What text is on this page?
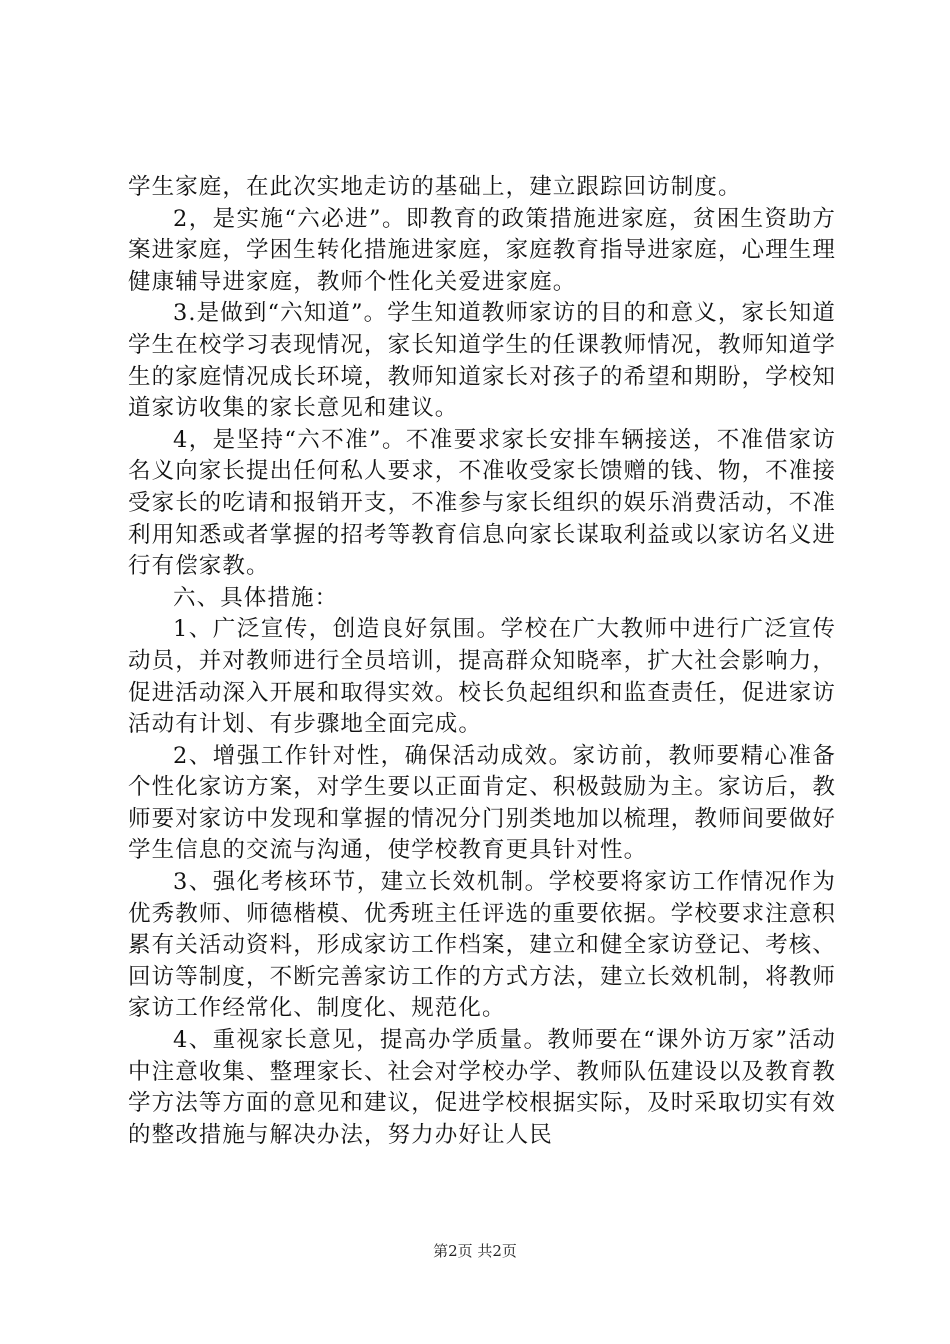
学生家庭，在此次实地走访的基础上，建立跟踪回访制度。

2，是实施“六必进”。即教育的政策措施进家庭，贫困生资助方案进家庭，学困生转化措施进家庭，家庭教育指导进家庭，心理生理健康辅导进家庭，教师个性化关爱进家庭。

3.是做到“六知道”。学生知道教师家访的目的和意义，家长知道学生在校学习表现情况，家长知道学生的任课教师情况，教师知道学生的家庭情况成长环境，教师知道家长对孩子的希望和期盼，学校知道家访收集的家长意见和建议。

4，是坚持“六不准”。不准要求家长安排车辆接送，不准借家访名义向家长提出任何私人要求，不准收受家长馈赠的钱、物，不准接受家长的吃请和报销开支，不准参与家长组织的娱乐消费活动，不准利用知悉或者掌握的招考等教育信息向家长谋取利益或以家访名义进行有偿家教。

六、具体措施：

1、广泛宣传，创造良好氛围。学校在广大教师中进行广泛宣传动员，并对教师进行全员培训，提高群众知晓率，扩大社会影响力，促进活动深入开展和取得实效。校长负起组织和监查责任，促进家访活动有计划、有步骤地全面完成。

2、增强工作针对性，确保活动成效。家访前，教师要精心准备个性化家访方案，对学生要以正面肯定、积极鼓励为主。家访后，教师要对家访中发现和掌握的情况分门别类地加以梳理，教师间要做好学生信息的交流与沟通，使学校教育更具针对性。

3、强化考核环节，建立长效机制。学校要将家访工作情况作为优秀教师、师德楷模、优秀班主任评选的重要依据。学校要求注意积累有关活动资料，形成家访工作档案，建立和健全家访登记、考核、回访等制度，不断完善家访工作的方式方法，建立长效机制，将教师家访工作经常化、制度化、规范化。

4、重视家长意见，提高办学质量。教师要在“课外访万家”活动中注意收集、整理家长、社会对学校办学、教师队伍建设以及教育教学方法等方面的意见和建议，促进学校根据实际，及时采取切实有效的整改措施与解决办法，努力办好让人民

第2页 共2页
